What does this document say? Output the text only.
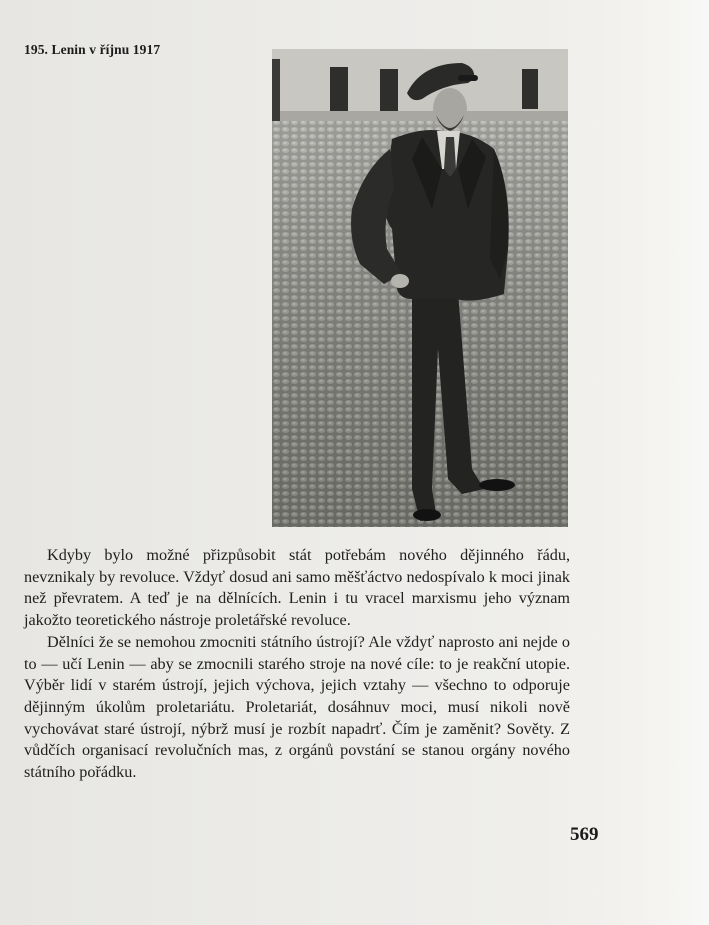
195. Lenin v říjnu 1917

Kdyby bylo možné přizpůsobit stát potřebám nového dějinného řádu, nevznikaly by revoluce. Vždyť dosud ani samo měšťáctvo nedospívalo k moci jinak než převratem. A teď je na dělnících. Lenin i tu vracel marxismu jeho význam jakožto teoretického nástroje proletářské revoluce.

Dělníci že se nemohou zmocniti státního ústrojí? Ale vždyť naprosto ani nejde o to — učí Lenin — aby se zmocnili starého stroje na nové cíle: to je reakční utopie. Výběr lidí v starém ústrojí, jejich výchova, jejich vztahy — všechno to odporuje dějinným úkolům proletariátu. Proletariát, dosáhnuv moci, musí nikoli nově vychovávat staré ústrojí, nýbrž musí je rozbít napadrť. Čím je zaměnit? Sověty. Z vůdčích organisací revolučních mas, z orgánů povstání se stanou orgány nového státního pořádku.

569
